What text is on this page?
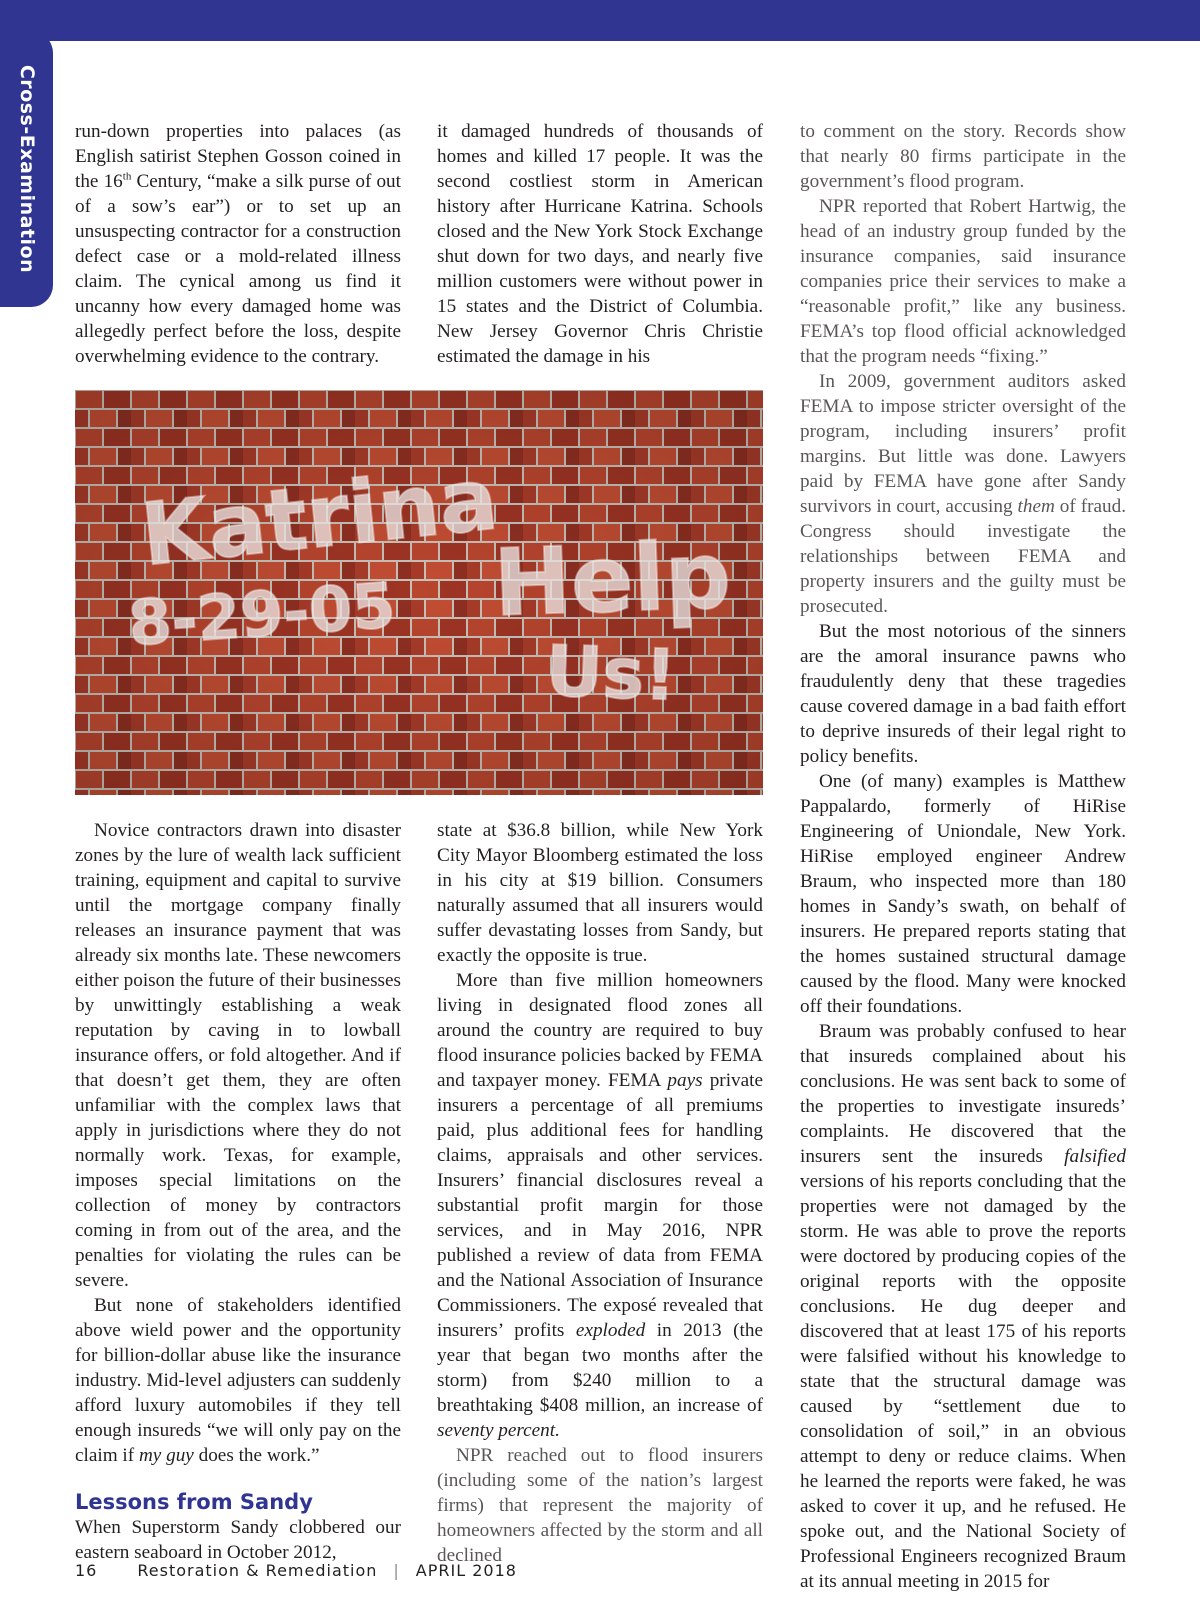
Cross-Examination run-down properties into palaces (as English satirist Stephen Gosson coined in the 16th Century, “make a silk purse of out of a sow’s ear”) or to set up an unsuspecting contractor for a construction defect case or a mold-related illness claim. The cynical among us find it uncanny how every damaged home was allegedly perfect before the loss, despite overwhelming evidence to the contrary.

it damaged hundreds of thousands of homes and killed 17 people. It was the second costliest storm in American history after Hurricane Katrina. Schools closed and the New York Stock Exchange shut down for two days, and nearly five million customers were without power in 15 states and the District of Columbia. New Jersey Governor Chris Christie estimated the damage in his

Katrina
8-29-05 Help
Us!

Novice contractors drawn into disaster zones by the lure of wealth lack sufficient training, equipment and capital to survive until the mortgage company finally releases an insurance payment that was already six months late. These newcomers either poison the future of their businesses by unwittingly establishing a weak reputation by caving in to lowball insurance offers, or fold altogether. And if that doesn’t get them, they are often unfamiliar with the complex laws that apply in jurisdictions where they do not normally work. Texas, for example, imposes special limitations on the collection of money by contractors coming in from out of the area, and the penalties for violating the rules can be severe.

But none of stakeholders identified above wield power and the opportunity for billion-dollar abuse like the insurance industry. Mid-level adjusters can suddenly afford luxury automobiles if they tell enough insureds “we will only pay on the claim if my guy does the work.”

Lessons from Sandy

When Superstorm Sandy clobbered our eastern seaboard in October 2012,

state at $36.8 billion, while New York City Mayor Bloomberg estimated the loss in his city at $19 billion. Consumers naturally assumed that all insurers would suffer devastating losses from Sandy, but exactly the opposite is true.

More than five million homeowners living in designated flood zones all around the country are required to buy flood insurance policies backed by FEMA and taxpayer money. FEMA pays private insurers a percentage of all premiums paid, plus additional fees for handling claims, appraisals and other services. Insurers’ financial disclosures reveal a substantial profit margin for those services, and in May 2016, NPR published a review of data from FEMA and the National Association of Insurance Commissioners. The exposé revealed that insurers’ profits exploded in 2013 (the year that began two months after the storm) from $240 million to a breathtaking $408 million, an increase of seventy percent.

NPR reached out to flood insurers (including some of the nation’s largest firms) that represent the majority of homeowners affected by the storm and all declined

to comment on the story. Records show that nearly 80 firms participate in the government’s flood program.

NPR reported that Robert Hartwig, the head of an industry group funded by the insurance companies, said insurance companies price their services to make a “reasonable profit,” like any business. FEMA’s top flood official acknowledged that the program needs “fixing.”

In 2009, government auditors asked FEMA to impose stricter oversight of the program, including insurers’ profit margins. But little was done. Lawyers paid by FEMA have gone after Sandy survivors in court, accusing them of fraud. Congress should investigate the relationships between FEMA and property insurers and the guilty must be prosecuted.

But the most notorious of the sinners are the amoral insurance pawns who fraudulently deny that these tragedies cause covered damage in a bad faith effort to deprive insureds of their legal right to policy benefits.

One (of many) examples is Matthew Pappalardo, formerly of HiRise Engineering of Uniondale, New York. HiRise employed engineer Andrew Braum, who inspected more than 180 homes in Sandy’s swath, on behalf of insurers. He prepared reports stating that the homes sustained structural damage caused by the flood. Many were knocked off their foundations.

Braum was probably confused to hear that insureds complained about his conclusions. He was sent back to some of the properties to investigate insureds’ complaints. He discovered that the insurers sent the insureds falsified versions of his reports concluding that the properties were not damaged by the storm. He was able to prove the reports were doctored by producing copies of the original reports with the opposite conclusions. He dug deeper and discovered that at least 175 of his reports were falsified without his knowledge to state that the structural damage was caused by “settlement due to consolidation of soil,” in an obvious attempt to deny or reduce claims. When he learned the reports were faked, he was asked to cover it up, and he refused. He spoke out, and the National Society of Professional Engineers recognized Braum at its annual meeting in 2015 for

16	Restoration & Remediation | APRIL 2018
